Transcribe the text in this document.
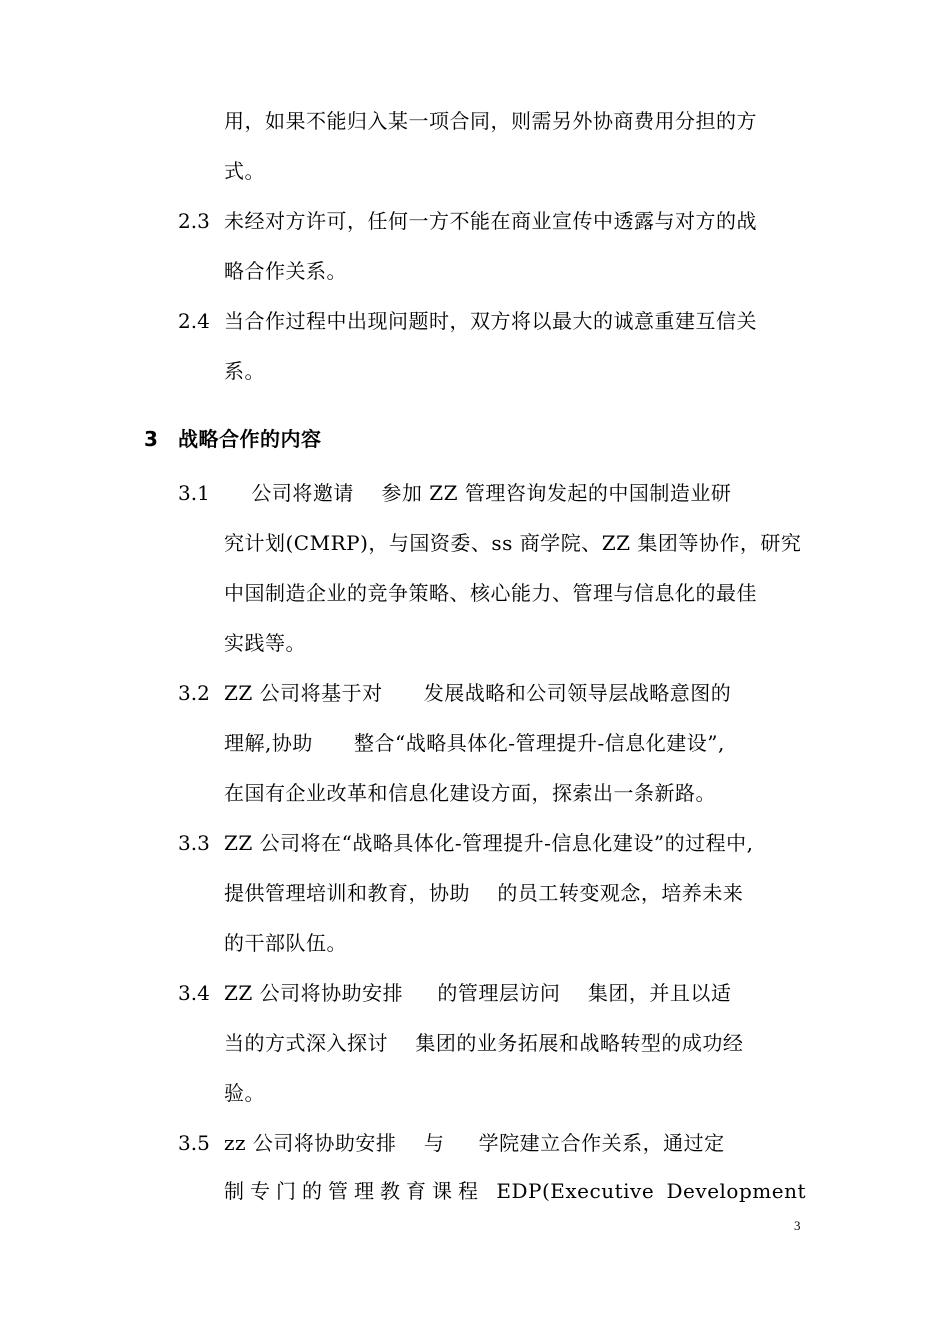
用，如果不能归入某一项合同，则需另外协商费用分担的方
式。
2.3 未经对方许可，任何一方不能在商业宣传中透露与对方的战
略合作关系。
2.4 当合作过程中出现问题时，双方将以最大的诚意重建互信关
系。
3 战略合作的内容
3.1 公司将邀请    参加 ZZ 管理咨询发起的中国制造业研
究计划(CMRP)，与国资委、ss 商学院、ZZ 集团等协作，研究
中国制造企业的竞争策略、核心能力、管理与信息化的最佳
实践等。
3.2 ZZ 公司将基于对      发展战略和公司领导层战略意图的
理解,协助      整合“战略具体化-管理提升-信息化建设”,
在国有企业改革和信息化建设方面，探索出一条新路。
3.3 ZZ 公司将在“战略具体化-管理提升-信息化建设”的过程中,
提供管理培训和教育，协助    的员工转变观念，培养未来
的干部队伍。
3.4 ZZ 公司将协助安排     的管理层访问    集团，并且以适
当的方式深入探讨    集团的业务拓展和战略转型的成功经
验。
3.5 zz 公司将协助安排    与     学院建立合作关系，通过定
制专门的管理教育课程 EDP(Executive Development
3
